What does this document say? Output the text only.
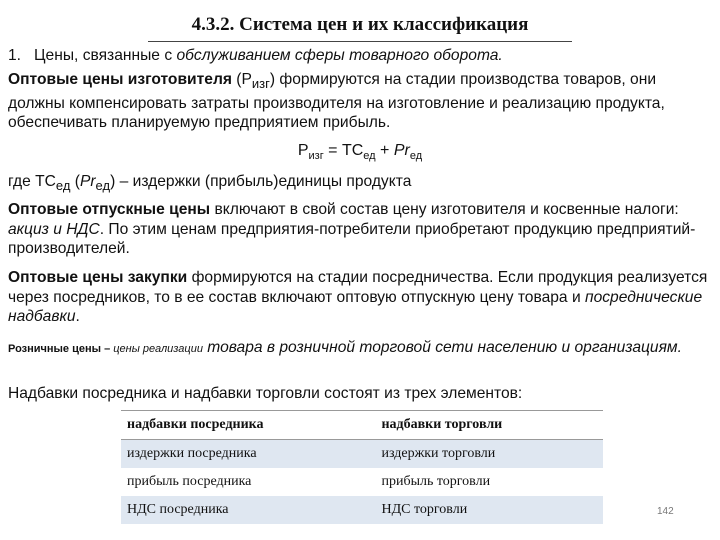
4.3.2. Система цен и их классификация

1. Цены, связанные с обслуживанием сферы товарного оборота.

Оптовые цены изготовителя $(Р_{изг})$ формируются на стадии производства товаров, они должны компенсировать затраты производителя на изготовление и реализацию продукта, обеспечивать планируемую предприятием прибыль.

$Р_{изг} = ТС_{ед} + Pr_{ед}$

где $ТС_{ед}$ $(Pr_{ед})$ – издержки (прибыль)единицы продукта

Оптовые отпускные цены включают в свой состав цену изготовителя и косвенные налоги: акциз и НДС. По этим ценам предприятия-потребители приобретают продукцию предприятий-производителей.

Оптовые цены закупки формируются на стадии посредничества. Если продукция реализуется через посредников, то в ее состав включают оптовую отпускную цену товара и посреднические надбавки.

Розничные цены – цены реализации товара в розничной торговой сети населению и организациям.

Надбавки посредника и надбавки торговли состоят из трех элементов:

надбавки посредника	надбавки торговли
издержки посредника	издержки торговли
прибыль посредника	прибыль торговли
НДС посредника	НДС торговли	142
